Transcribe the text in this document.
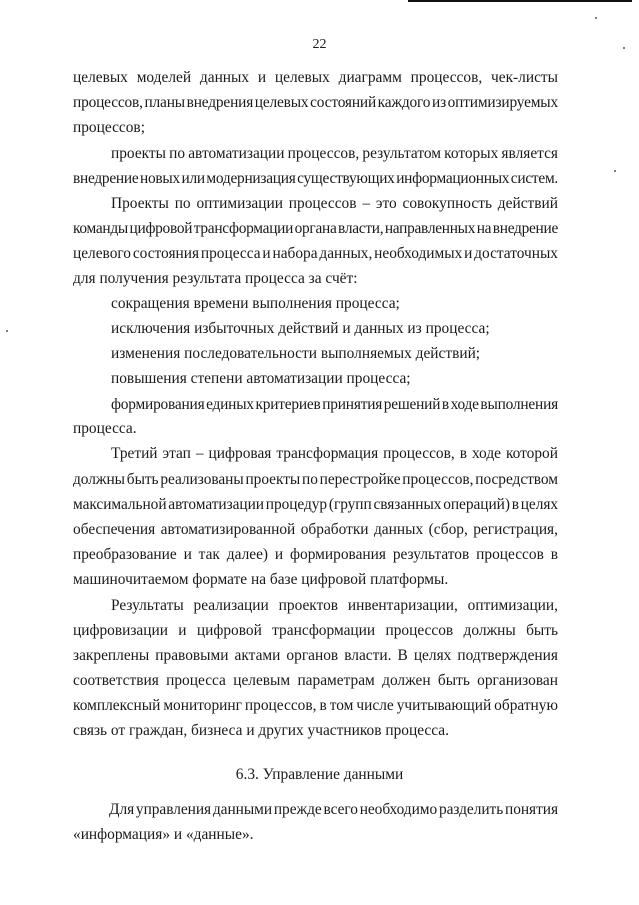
22
целевых моделей данных и целевых диаграмм процессов, чек-листы
процессов, планы внедрения целевых состояний каждого из оптимизируемых
процессов;
проекты по автоматизации процессов, результатом которых является
внедрение новых или модернизация существующих информационных систем.
Проекты по оптимизации процессов – это совокупность действий
команды цифровой трансформации органа власти, направленных на внедрение
целевого состояния процесса и набора данных, необходимых и достаточных
для получения результата процесса за счёт:
сокращения времени выполнения процесса;
исключения избыточных действий и данных из процесса;
изменения последовательности выполняемых действий;
повышения степени автоматизации процесса;
формирования единых критериев принятия решений в ходе выполнения
процесса.
Третий этап – цифровая трансформация процессов, в ходе которой
должны быть реализованы проекты по перестройке процессов, посредством
максимальной автоматизации процедур (групп связанных операций) в целях
обеспечения автоматизированной обработки данных (сбор, регистрация,
преобразование и так далее) и формирования результатов процессов в
машиночитаемом формате на базе цифровой платформы.
Результаты реализации проектов инвентаризации, оптимизации,
цифровизации и цифровой трансформации процессов должны быть
закреплены правовыми актами органов власти. В целях подтверждения
соответствия процесса целевым параметрам должен быть организован
комплексный мониторинг процессов, в том числе учитывающий обратную
связь от граждан, бизнеса и других участников процесса.
6.3. Управление данными
Для управления данными прежде всего необходимо разделить понятия
«информация» и «данные».
